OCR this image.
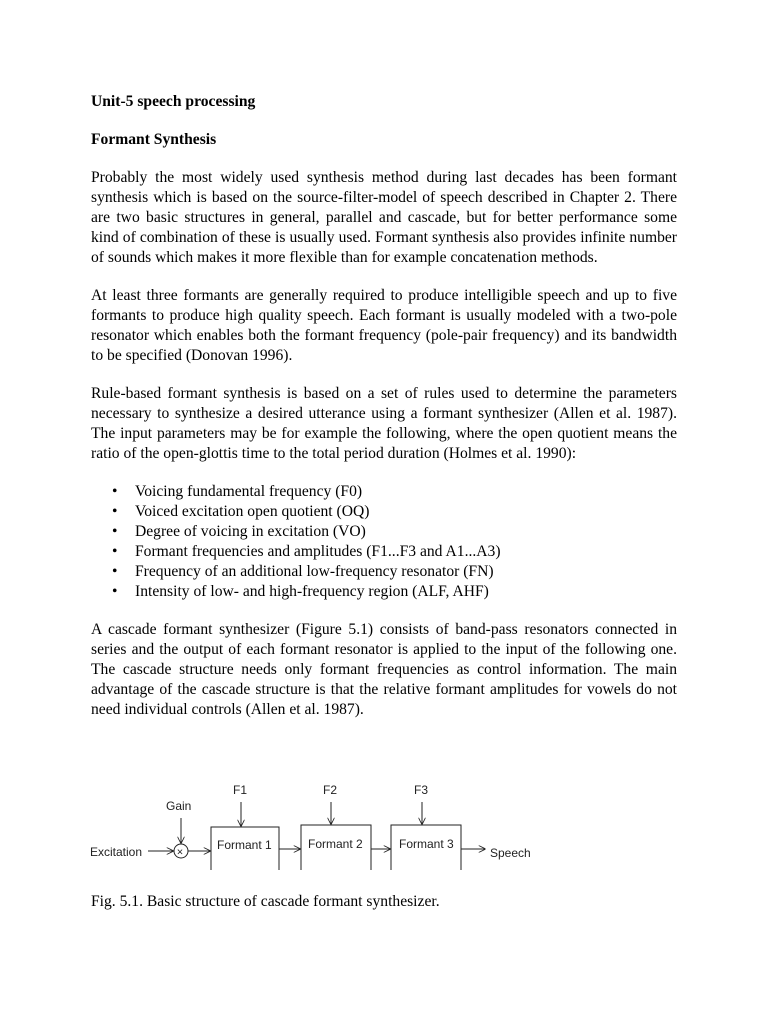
Unit-5 speech processing
Formant Synthesis

Probably the most widely used synthesis method during last decades has been formant synthesis which is based on the source-filter-model of speech described in Chapter 2. There are two basic structures in general, parallel and cascade, but for better performance some kind of combination of these is usually used. Formant synthesis also provides infinite number of sounds which makes it more flexible than for example concatenation methods.

At least three formants are generally required to produce intelligible speech and up to five formants to produce high quality speech. Each formant is usually modeled with a two-pole resonator which enables both the formant frequency (pole-pair frequency) and its bandwidth to be specified (Donovan 1996).

Rule-based formant synthesis is based on a set of rules used to determine the parameters necessary to synthesize a desired utterance using a formant synthesizer (Allen et al. 1987). The input parameters may be for example the following, where the open quotient means the ratio of the open-glottis time to the total period duration (Holmes et al. 1990):

• Voicing fundamental frequency (F0)
• Voiced excitation open quotient (OQ)
• Degree of voicing in excitation (VO)
• Formant frequencies and amplitudes (F1...F3 and A1...A3)
• Frequency of an additional low-frequency resonator (FN)
• Intensity of low- and high-frequency region (ALF, AHF)

A cascade formant synthesizer (Figure 5.1) consists of band-pass resonators connected in series and the output of each formant resonator is applied to the input of the following one. The cascade structure needs only formant frequencies as control information. The main advantage of the cascade structure is that the relative formant amplitudes for vowels do not need individual controls (Allen et al. 1987).

Excitation
Gain
×
Formant 1
F1
Formant 2
F2
Formant 3
F3
Speech
Fig. 5.1. Basic structure of cascade formant synthesizer.
